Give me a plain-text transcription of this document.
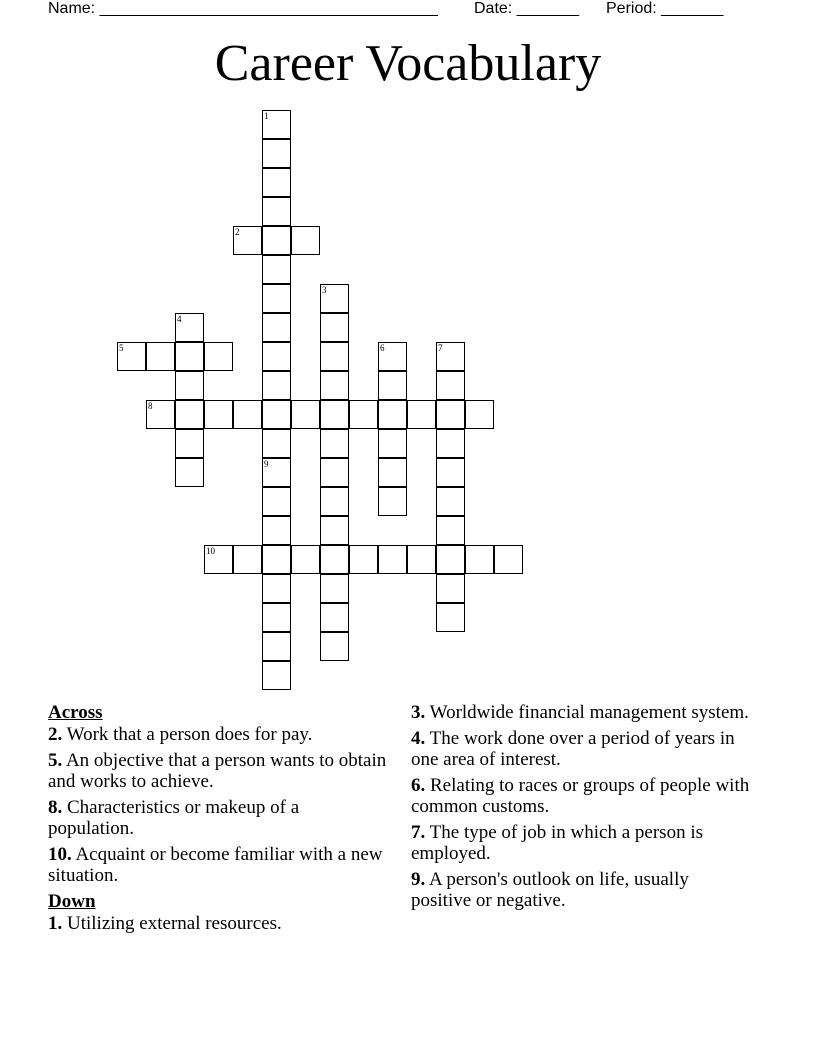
Name: ______________________________________ Date: _______ Period: _______
Career Vocabulary
1
9
2
3
4
5	6	7
8
10
Across
2. Work that a person does for pay.
5. An objective that a person wants to obtain and works to achieve.
8. Characteristics or makeup of a population.
10. Acquaint or become familiar with a new situation.
Down
1. Utilizing external resources.
3. Worldwide financial management system.
4. The work done over a period of years in one area of interest.
6. Relating to races or groups of people with common customs.
7. The type of job in which a person is employed.
9. A person's outlook on life, usually positive or negative.
